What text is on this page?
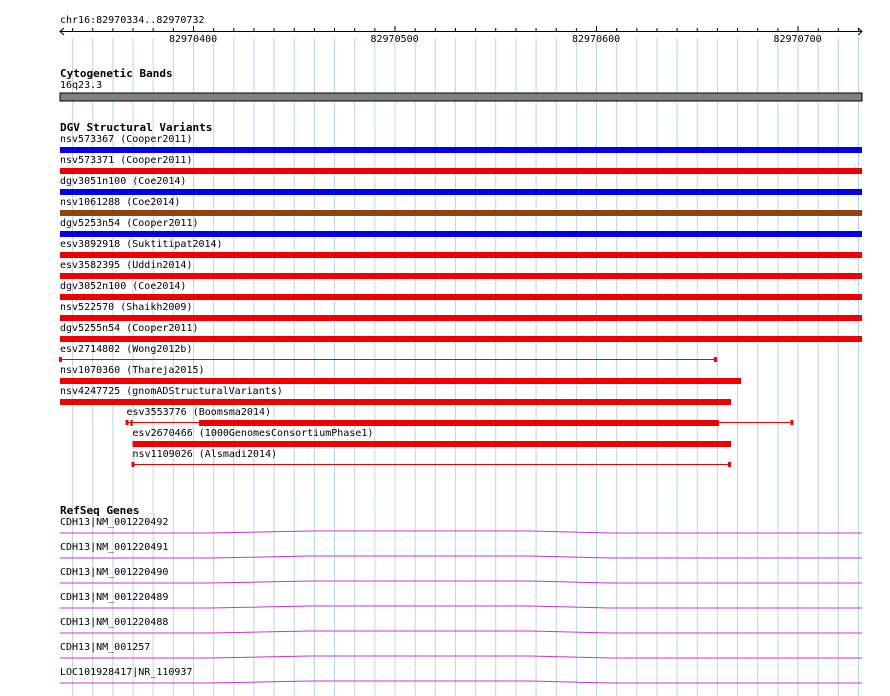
chr16:82970334..82970732
82970400	82970500	82970600	82970700
Cytogenetic Bands
16q23.3
DGV Structural Variants
nsv573367 (Cooper2011)
nsv573371 (Cooper2011)
dgv3051n100 (Coe2014)
nsv1061288 (Coe2014)
dgv5253n54 (Cooper2011)
esv3892918 (Suktitipat2014)
esv3582395 (Uddin2014)
dgv3052n100 (Coe2014)
nsv522570 (Shaikh2009)
dgv5255n54 (Cooper2011)
esv2714802 (Wong2012b)
nsv1070360 (Thareja2015)
nsv4247725 (gnomADStructuralVariants)
esv3553776 (Boomsma2014)
esv2670466 (1000GenomesConsortiumPhase1)
nsv1109026 (Alsmadi2014)
RefSeq Genes
CDH13|NM_001220492
CDH13|NM_001220491
CDH13|NM_001220490
CDH13|NM_001220489
CDH13|NM_001220488
CDH13|NM_001257
LOC101928417|NR_110937
